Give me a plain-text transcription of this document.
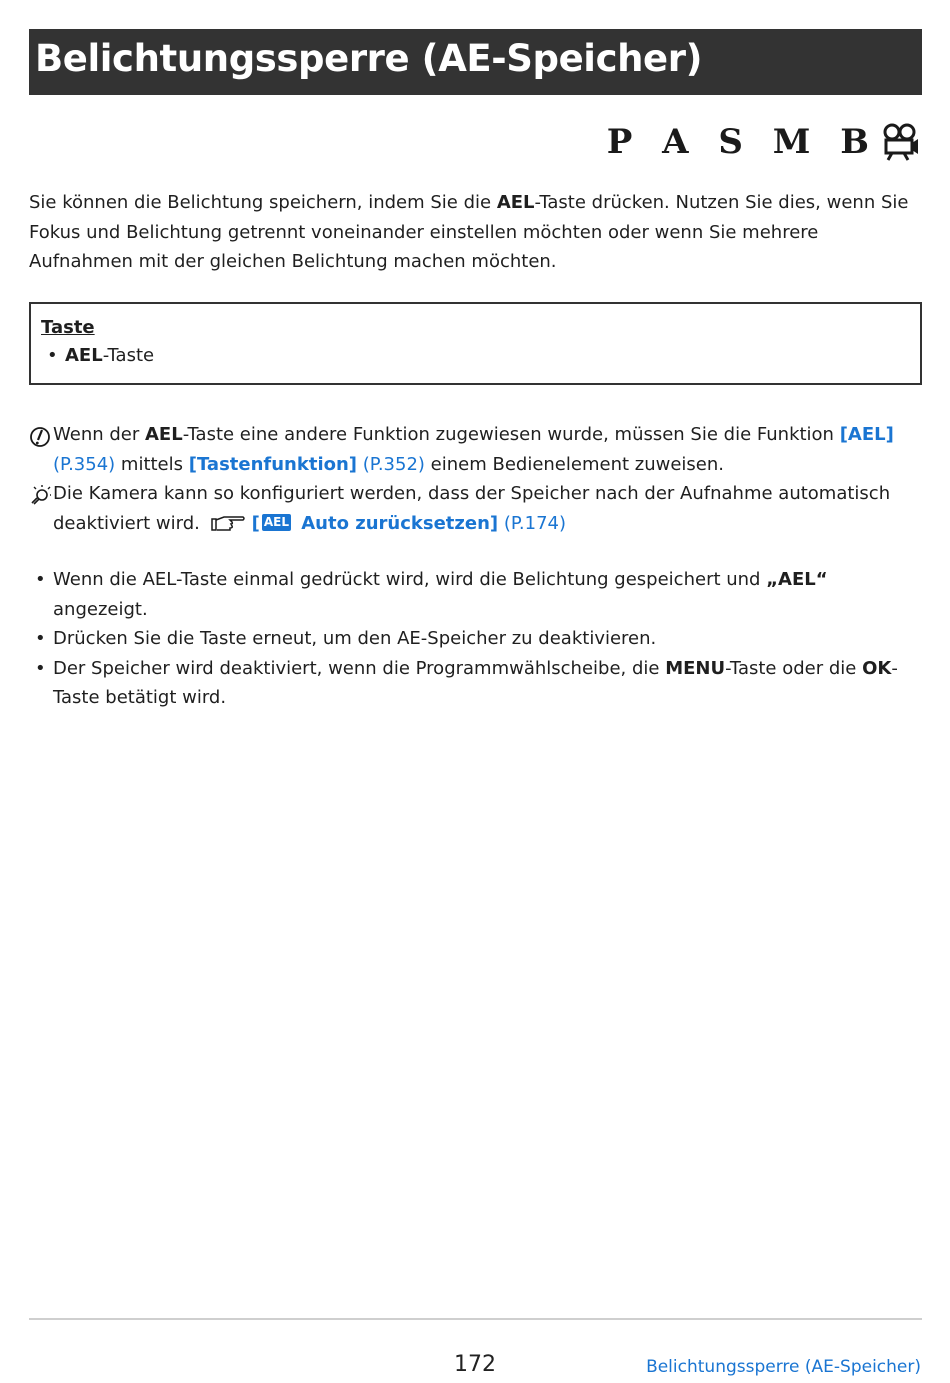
Belichtungssperre (AE-Speicher)
P A S M B
Sie können die Belichtung speichern, indem Sie die AEL-Taste drücken. Nutzen Sie dies, wenn Sie Fokus und Belichtung getrennt voneinander einstellen möchten oder wenn Sie mehrere Aufnahmen mit der gleichen Belichtung machen möchten.
Taste
• AEL-Taste
Wenn der AEL-Taste eine andere Funktion zugewiesen wurde, müssen Sie die Funktion [AEL] (P.354) mittels [Tastenfunktion] (P.352) einem Bedienelement zuweisen.
Die Kamera kann so konfiguriert werden, dass der Speicher nach der Aufnahme automatisch deaktiviert wird.	[ AEL Auto zurücksetzen] (P.174)
• Wenn die AEL-Taste einmal gedrückt wird, wird die Belichtung gespeichert und „AEL“ angezeigt.
• Drücken Sie die Taste erneut, um den AE-Speicher zu deaktivieren.
• Der Speicher wird deaktiviert, wenn die Programmwählscheibe, die MENU-Taste oder die OK-Taste betätigt wird.
172	Belichtungssperre (AE-Speicher)
